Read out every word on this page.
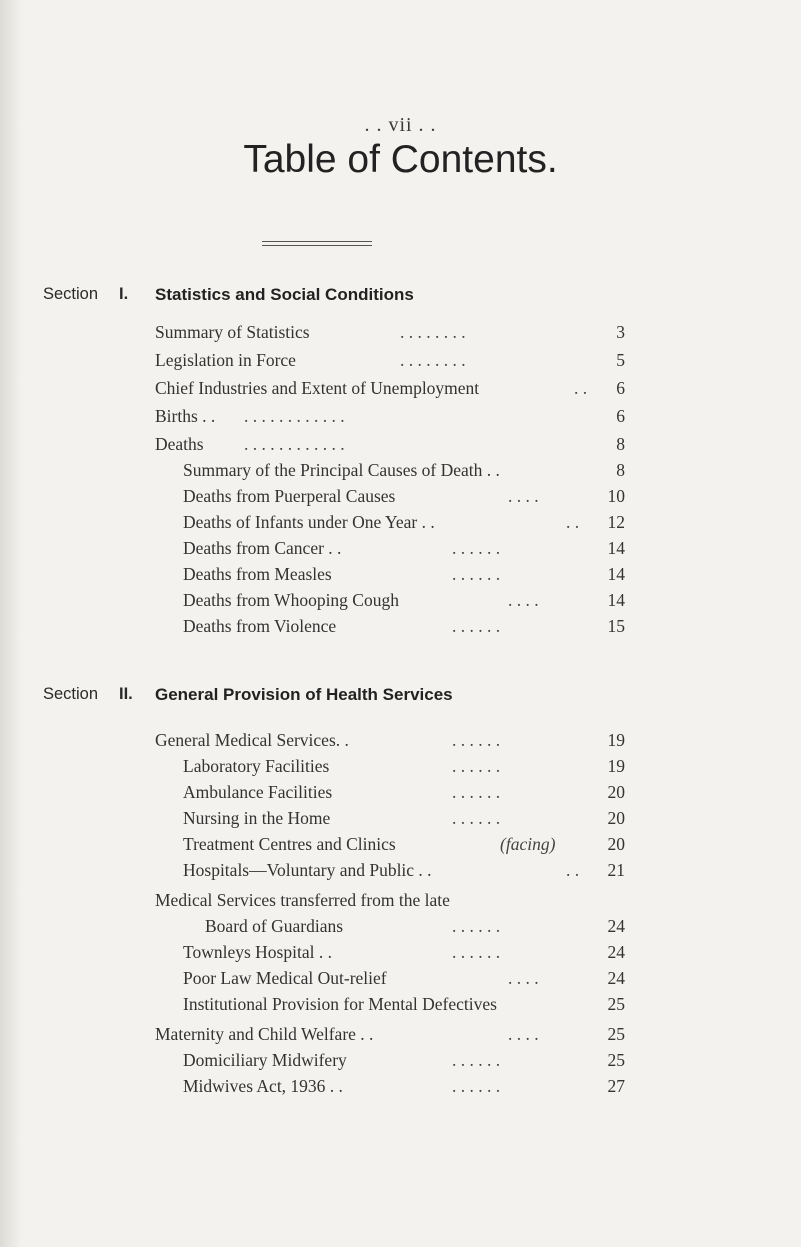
. . vii . .
Table of Contents.
Section I. Statistics and Social Conditions
Summary of Statistics	. . . . . . . .	3
Legislation in Force	. . . . . . . .	5
Chief Industries and Extent of Unemployment	. . 6
Births . . . . . . . . . . . . . .	6
Deaths . . . . . . . . . . . .	8
Summary of the Principal Causes of Death . .	8
Deaths from Puerperal Causes	. . . .	10
Deaths of Infants under One Year . .	. . 12
Deaths from Cancer . .	. . . . . .	14
Deaths from Measles	. . . . . .	14
Deaths from Whooping Cough	. . . .	14
Deaths from Violence	. . . . . .	15
Section II. General Provision of Health Services
General Medical Services. .	. . . . . .	19
Laboratory Facilities	. . . . . .	19
Ambulance Facilities	. . . . . .	20
Nursing in the Home	. . . . . .	20
Treatment Centres and Clinics	(facing)	20
Hospitals—Voluntary and Public . .	. . 21
Medical Services transferred from the late
Board of Guardians	. . . . . .	24
Townleys Hospital . .	. . . . . .	24
Poor Law Medical Out-relief	. . . .	24
Institutional Provision for Mental Defectives	25
Maternity and Child Welfare . .	. . . .	25
Domiciliary Midwifery	. . . . . .	25
Midwives Act, 1936 . .	. . . . . .	27
